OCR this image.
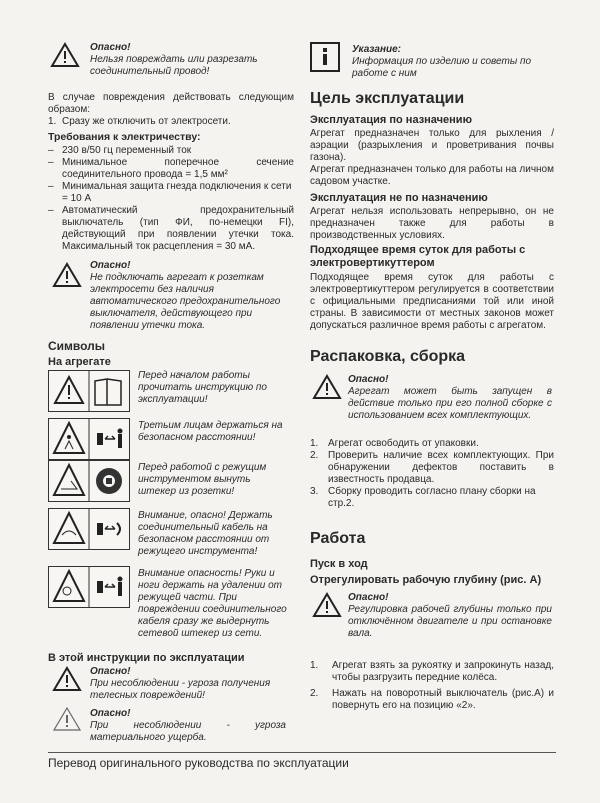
Опасно!
Нельзя повреждать или разрезать соединительный провод!
В случае повреждения действовать следующим образом:
1. Сразу же отключить от электросети.
Требования к электричеству:
– 230 в/50 гц переменный ток
– Минимальное поперечное сечение соединительного провода = 1,5 мм²
– Минимальная защита гнезда подключения к сети = 10 А
– Автоматический предохранительный выключатель (тип ФИ, по-немецки FI), действующий при появлении утечки тока. Максимальный ток расцепления = 30 мА.
Опасно!
Не подключать агрегат к розеткам электросети без наличия автоматического предохранительного выключателя, действующего при появлении утечки тока.
Символы
На агрегате
Перед началом работы прочитать инструкцию по эксплуатации!
Третьим лицам держаться на безопасном расстоянии!
Перед работой с режущим инструментом вынуть штекер из розетки!
Внимание, опасно! Держать соединительный кабель на безопасном расстоянии от режущего инструмента!
Внимание опасность! Руки и ноги держать на удалении от режущей части. При повреждении соединительного кабеля сразу же выдернуть сетевой штекер из сети.
В этой инструкции по эксплуатации
Опасно!
При несоблюдении - угроза получения телесных повреждений!
Опасно!
При несоблюдении - угроза материального ущерба.
Указание:
Информация по изделию и советы по работе с ним
Цель эксплуатации
Эксплуатация по назначению
Агрегат предназначен только для рыхления / аэрации (разрыхления и проветривания почвы газона).
Агрегат предназначен только для работы на личном садовом участке.
Эксплуатация не по назначению
Агрегат нельзя использовать непрерывно, он не предназначен также для работы в производственных условиях.
Подходящее время суток для работы с электровертикуттером
Подходящее время суток для работы с электровертикуттером регулируется в соответствии с официальными предписаниями той или иной страны. В зависимости от местных законов может допускаться различное время работы с агрегатом.
Распаковка, сборка
Опасно!
Агрегат может быть запущен в действие только при его полной сборке с использованием всех комплектующих.
1. Агрегат освободить от упаковки.
2. Проверить наличие всех комплектующих. При обнаружении дефектов поставить в известность продавца.
3. Сборку проводить согласно плану сборки на стр.2.
Работа
Пуск в ход
Отрегулировать рабочую глубину (рис. А)
Опасно!
Регулировка рабочей глубины только при отключённом двигателе и при остановке вала.
1. Агрегат взять за рукоятку и запрокинуть назад, чтобы разгрузить передние колёса.
2. Нажать на поворотный выключатель (рис.А) и повернуть его на позицию «2».
Перевод оригинального руководства по эксплуатации
